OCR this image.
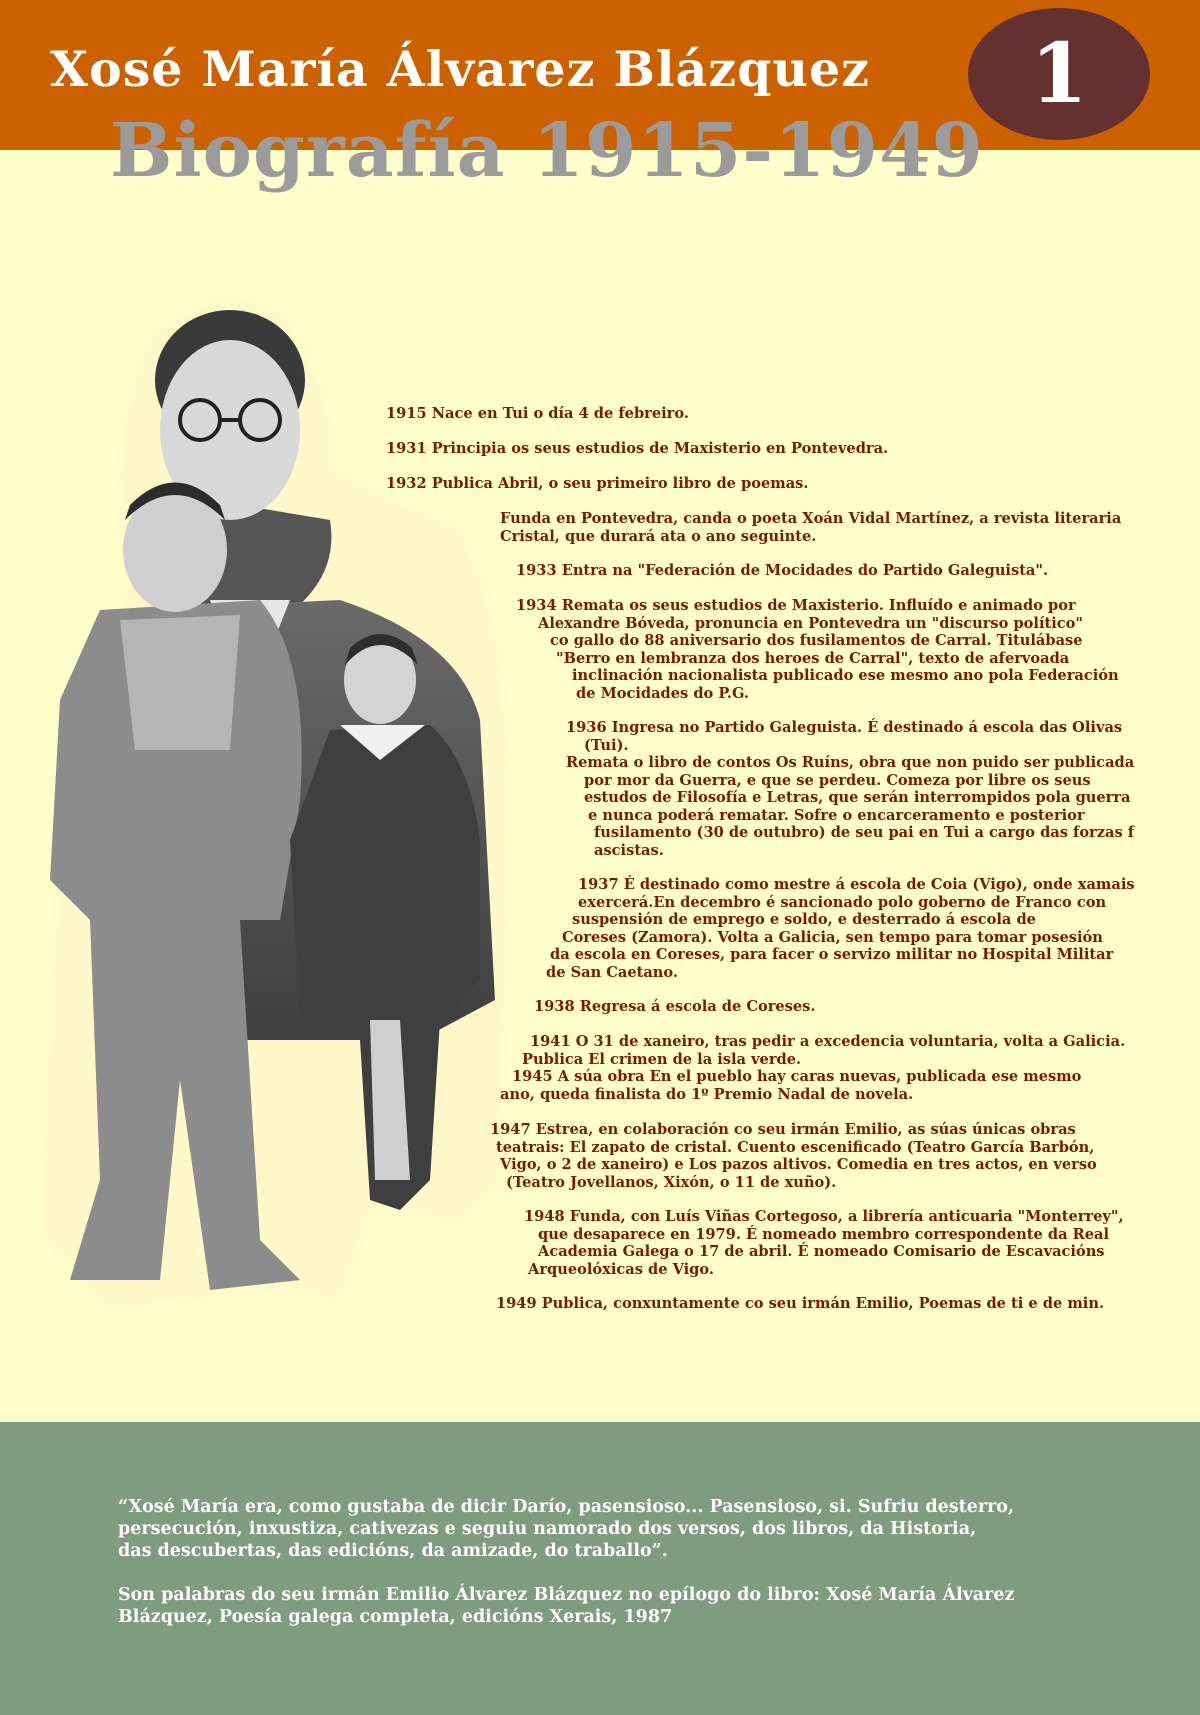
Xosé María Álvarez Blázquez	1
Biografía 1915-1949

1915 Nace en Tui o día 4 de febreiro.

1931 Principia os seus estudios de Maxisterio en Pontevedra.

1932 Publica Abril, o seu primeiro libro de poemas.

Funda en Pontevedra, canda o poeta Xoán Vidal Martínez, a revista literaria

Cristal, que durará ata o ano seguinte.

1933 Entra na "Federación de Mocidades do Partido Galeguista".

1934 Remata os seus estudios de Maxisterio. Influído e animado por

Alexandre Bóveda, pronuncia en Pontevedra un "discurso político"

co gallo do 88 aniversario dos fusilamentos de Carral. Titulábase

"Berro en lembranza dos heroes de Carral", texto de afervoada

inclinación nacionalista publicado ese mesmo ano pola Federación

de Mocidades do P.G.

1936 Ingresa no Partido Galeguista. É destinado á escola das Olivas

(Tui).

Remata o libro de contos Os Ruíns, obra que non puido ser publicada

por mor da Guerra, e que se perdeu. Comeza por libre os seus

estudos de Filosofía e Letras, que serán interrompidos pola guerra

e nunca poderá rematar. Sofre o encarceramento e posterior

fusilamento (30 de outubro) de seu pai en Tui a cargo das forzas f

ascistas.

1937 É destinado como mestre á escola de Coia (Vigo), onde xamais

exercerá.En decembro é sancionado polo goberno de Franco con

suspensión de emprego e soldo, e desterrado á escola de

Coreses (Zamora). Volta a Galicia, sen tempo para tomar posesión

da escola en Coreses, para facer o servizo militar no Hospital Militar

de San Caetano.

1938 Regresa á escola de Coreses.

1941 O 31 de xaneiro, tras pedir a excedencia voluntaria, volta a Galicia.

Publica El crimen de la isla verde.

1945 A súa obra En el pueblo hay caras nuevas, publicada ese mesmo

ano, queda finalista do 1º Premio Nadal de novela.

1947 Estrea, en colaboración co seu irmán Emilio, as súas únicas obras

teatrais: El zapato de cristal. Cuento escenificado (Teatro García Barbón,

Vigo, o 2 de xaneiro) e Los pazos altivos. Comedia en tres actos, en verso

(Teatro Jovellanos, Xixón, o 11 de xuño).

1948 Funda, con Luís Viñas Cortegoso, a librería anticuaria "Monterrey",

que desaparece en 1979. É nomeado membro correspondente da Real

Academia Galega o 17 de abril. É nomeado Comisario de Escavacións

Arqueolóxicas de Vigo.

1949 Publica, conxuntamente co seu irmán Emilio, Poemas de ti e de min.

“Xosé María era, como gustaba de dicir Darío, pasensioso... Pasensioso, si. Sufriu desterro,
persecución, inxustiza, cativezas e seguiu namorado dos versos, dos libros, da Historia,
das descubertas, das edicións, da amizade, do traballo”.
Son palabras do seu irmán Emilio Álvarez Blázquez no epílogo do libro: Xosé María Álvarez
Blázquez, Poesía galega completa, edicións Xerais, 1987
